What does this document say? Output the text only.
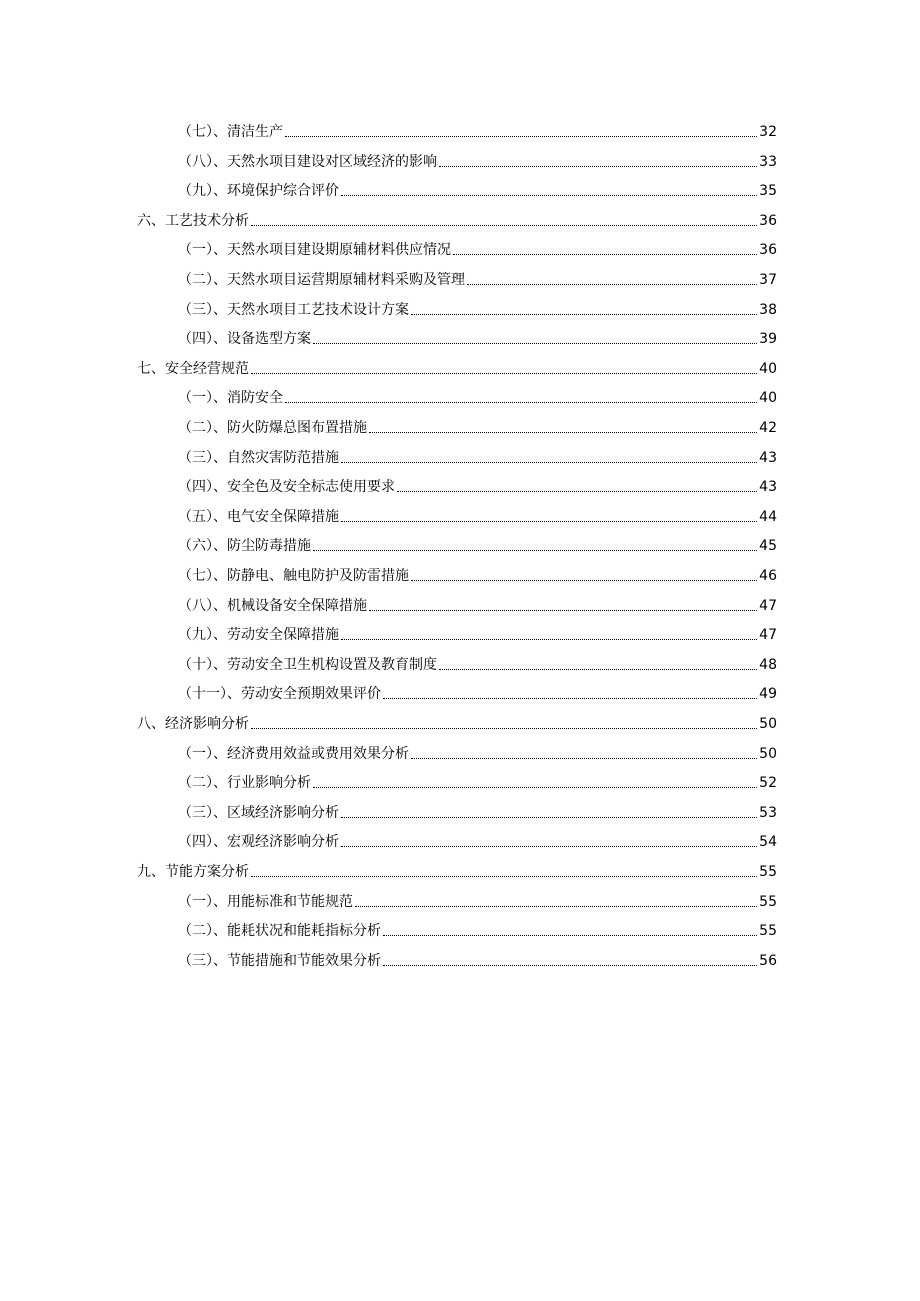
（七）、清洁生产	32
（八）、天然水项目建设对区域经济的影响	33
（九）、环境保护综合评价	35
六、工艺技术分析	36
（一）、天然水项目建设期原辅材料供应情况	36
（二）、天然水项目运营期原辅材料采购及管理	37
（三）、天然水项目工艺技术设计方案	38
（四）、设备选型方案	39
七、安全经营规范	40
（一）、消防安全	40
（二）、防火防爆总图布置措施	42
（三）、自然灾害防范措施	43
（四）、安全色及安全标志使用要求	43
（五）、电气安全保障措施	44
（六）、防尘防毒措施	45
（七）、防静电、触电防护及防雷措施	46
（八）、机械设备安全保障措施	47
（九）、劳动安全保障措施	47
（十）、劳动安全卫生机构设置及教育制度	48
（十一）、劳动安全预期效果评价	49
八、经济影响分析	50
（一）、经济费用效益或费用效果分析	50
（二）、行业影响分析	52
（三）、区域经济影响分析	53
（四）、宏观经济影响分析	54
九、节能方案分析	55
（一）、用能标准和节能规范	55
（二）、能耗状况和能耗指标分析	55
（三）、节能措施和节能效果分析	56
